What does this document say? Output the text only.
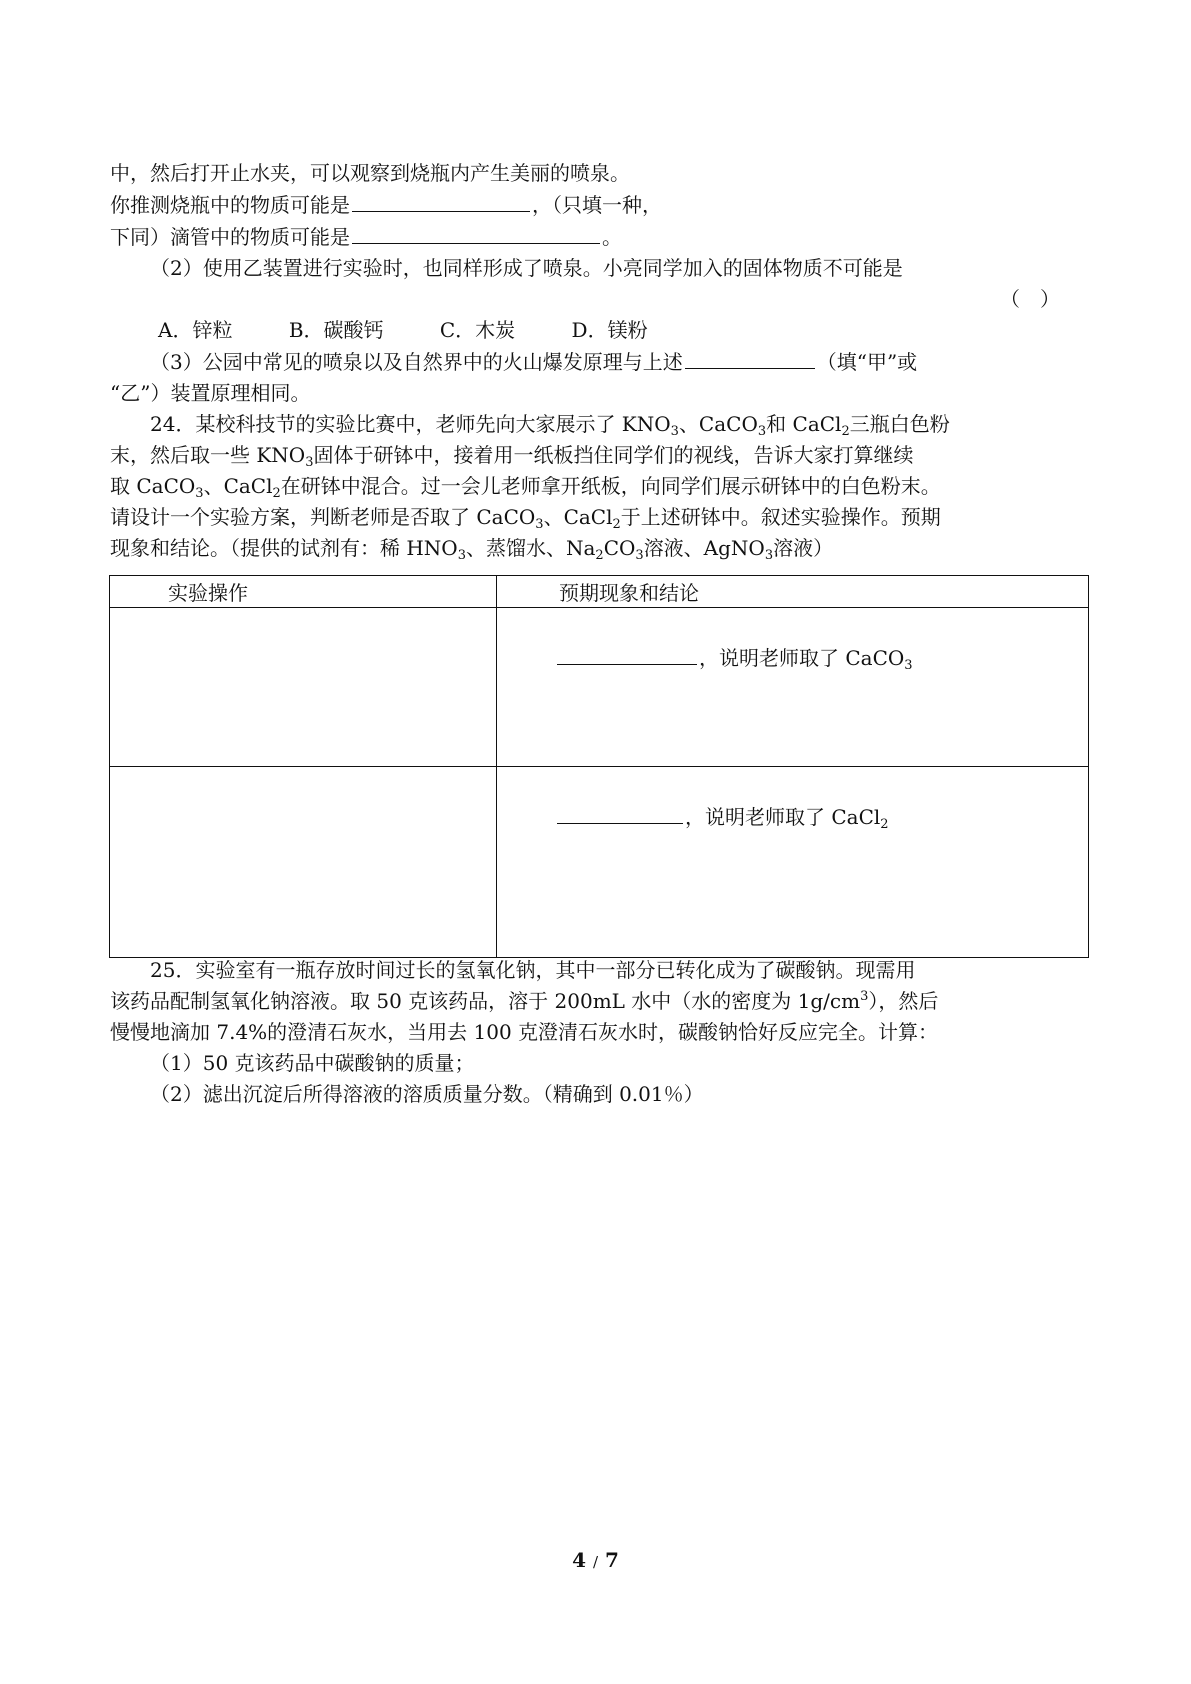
中，然后打开止水夹，可以观察到烧瓶内产生美丽的喷泉。
你推测烧瓶中的物质可能是	，（只填一种，
下同）滴管中的物质可能是	。
（2）使用乙装置进行实验时，也同样形成了喷泉。小亮同学加入的固体物质不可能是
（　）
A．锌粒	B．碳酸钙	C．木炭	D．镁粉
（3）公园中常见的喷泉以及自然界中的火山爆发原理与上述	（填“甲”或
“乙”）装置原理相同。
24．某校科技节的实验比赛中，老师先向大家展示了 $KNO_3$、CaCO$_3$和 CaCl$_2$三瓶白色粉
末，然后取一些 $KNO_3$固体于研钵中，接着用一纸板挡住同学们的视线，告诉大家打算继续
取 CaCO$_3$、CaCl$_2$在研钵中混合。过一会儿老师拿开纸板，向同学们展示研钵中的白色粉末。
请设计一个实验方案，判断老师是否取了 CaCO$_3$、CaCl$_2$于上述研钵中。叙述实验操作。预期
现象和结论。（提供的试剂有：稀 $HNO_3$、蒸馏水、$Na_2CO_3$溶液、AgNO$_3$溶液）
实验操作	预期现象和结论

	，说明老师取了 CaCO$_3$

	，说明老师取了 CaCl$_2$
25．实验室有一瓶存放时间过长的氢氧化钠，其中一部分已转化成为了碳酸钠。现需用
该药品配制氢氧化钠溶液。取 50 克该药品，溶于 200mL 水中（水的密度为 $1g/cm^3$），然后
慢慢地滴加 7.4%的澄清石灰水，当用去 100 克澄清石灰水时，碳酸钠恰好反应完全。计算：
（1）50 克该药品中碳酸钠的质量；
（2）滤出沉淀后所得溶液的溶质质量分数。（精确到 0.01％）
4 / 7
